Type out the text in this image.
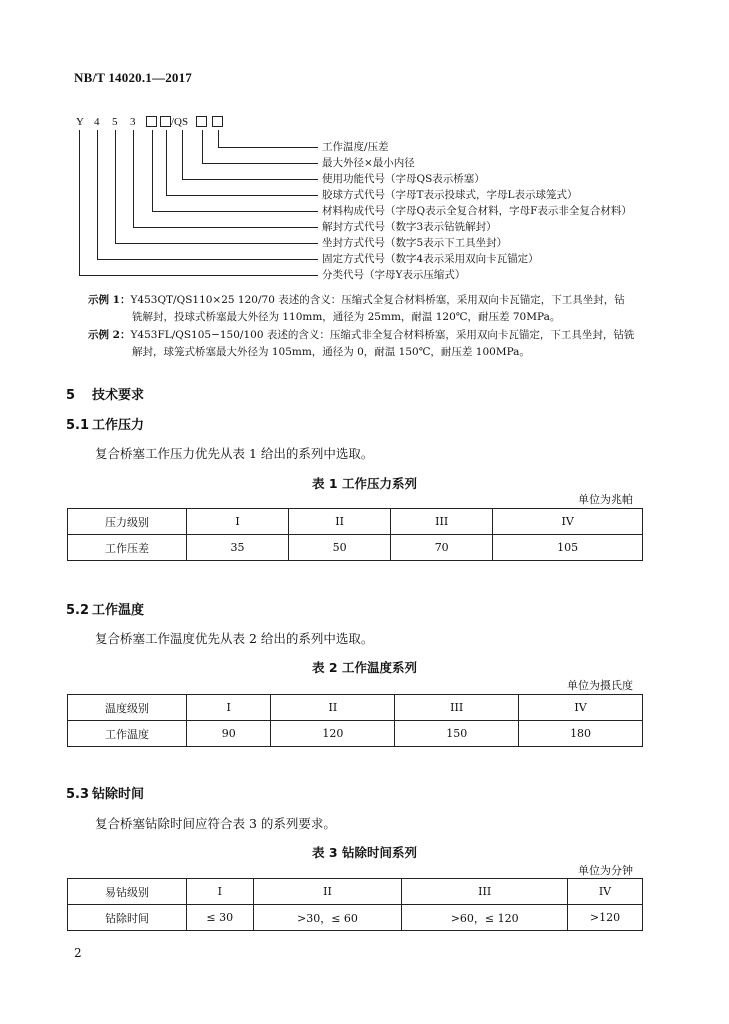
NB/T 14020.1—2017
Y 4 5 3	/QS
工作温度/压差
最大外径×最小内径
使用功能代号（字母QS表示桥塞）
胶球方式代号（字母T表示投球式，字母L表示球笼式）
材料构成代号（字母Q表示全复合材料，字母F表示非全复合材料）
解封方式代号（数字3表示钻铣解封）
坐封方式代号（数字5表示下工具坐封）
固定方式代号（数字4表示采用双向卡瓦锚定）
分类代号（字母Y表示压缩式）
示例 1：Y453QT/QS110×25 120/70 表述的含义：压缩式全复合材料桥塞，采用双向卡瓦锚定，下工具坐封，钻
铣解封，投球式桥塞最大外径为 110mm，通径为 25mm，耐温 120℃，耐压差 70MPa。
示例 2：Y453FL/QS105−150/100 表述的含义：压缩式非全复合材料桥塞，采用双向卡瓦锚定，下工具坐封，钻铣
解封，球笼式桥塞最大外径为 105mm，通径为 0，耐温 150℃，耐压差 100MPa。
5 技术要求
5.1 工作压力
复合桥塞工作压力优先从表 1 给出的系列中选取。
表 1 工作压力系列
单位为兆帕
压力级别	I	II	III	IV
工作压差	35	50	70	105
5.2 工作温度
复合桥塞工作温度优先从表 2 给出的系列中选取。
表 2 工作温度系列
单位为摄氏度
温度级别	I	II	III	IV
工作温度	90	120	150	180
5.3 钻除时间
复合桥塞钻除时间应符合表 3 的系列要求。
表 3 钻除时间系列
单位为分钟
易钻级别	I	II	III	IV
钻除时间	≤ 30	>30，≤ 60	>60，≤ 120	>120
2
